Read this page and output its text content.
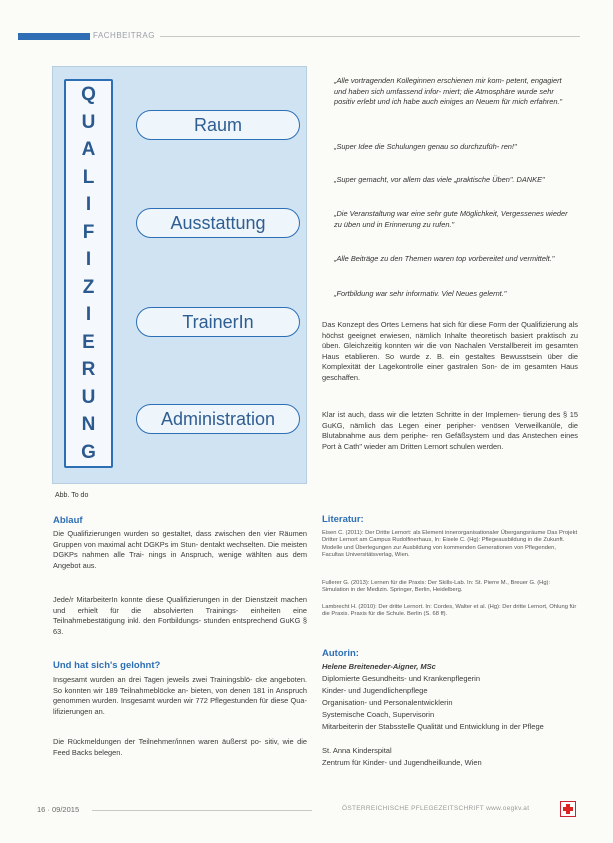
FACHBEITRAG
Q
U
A
L
I
F
I
Z
I
E
R
U
N
G
Raum
Ausstattung
TrainerIn
Administration
Abb. To do
„Alle vortragenden Kolleginnen erschienen mir kom- petent, engagiert und haben sich umfassend infor- miert; die Atmosphäre wurde sehr positiv erlebt und ich habe auch einiges an Neuem für mich erfahren."
„Super Idee die Schulungen genau so durchzufüh- ren!"
„Super gemacht, vor allem das viele „praktische Üben". DANKE"
„Die Veranstaltung war eine sehr gute Möglichkeit, Vergessenes wieder zu üben und in Erinnerung zu rufen."
„Alle Beiträge zu den Themen waren top vorbereitet und vermittelt."
„Fortbildung war sehr informativ. Viel Neues gelernt."
Das Konzept des Ortes Lernens hat sich für diese Form der Qualifizierung als höchst geeignet erwiesen, nämlich Inhalte theoretisch basiert praktisch zu üben. Gleichzeitig konnten wir die von Nachalen Verstallbereit im gesamten Haus etablieren. So wurde z. B. ein gestaltes Bewusstsein über die Komplexität der Lagekontrolle einer gastralen Son- de im gesamten Haus geschaffen.
Klar ist auch, dass wir die letzten Schritte in der Implemen- tierung des § 15 GuKG, nämlich das Legen einer peripher- venösen Verweilkanüle, die Blutabnahme aus dem periphe- ren Gefäßsystem und das Anstechen eines Port à Cath" wieder am Dritten Lernort schulen werden.
Ablauf
Die Qualifizierungen wurden so gestaltet, dass zwischen den vier Räumen Gruppen von maximal acht DGKPs im Stun- dentakt wechselten. Die meisten DGKPs nahmen alle Trai- nings in Anspruch, wenige wählten aus dem Angebot aus.
Jede/r MitarbeiterIn konnte diese Qualifizierungen in der Dienstzeit machen und erhielt für die absolvierten Trainings- einheiten eine Teilnahmebestätigung inkl. den Fortbildungs- stunden entsprechend GuKG § 63.
Und hat sich's gelohnt?
Insgesamt wurden an drei Tagen jeweils zwei Trainingsblö- cke angeboten. So konnten wir 189 Teilnahmeblöcke an- bieten, von denen 181 in Anspruch genommen wurden. Insgesamt wurden wir 772 Pflegestunden für diese Qua- lifizierungen an.
Die Rückmeldungen der Teilnehmer/innen waren äußerst po- sitiv, wie die Feed Backs belegen.
Literatur:
Eisen C. (2011): Der Dritte Lernort: als Element innerorganisationaler Übergangsräume Das Projekt Dritter Lernort am Campus Rudolfinerhaus, In: Eisele C. (Hg): Pflegeausbildung in die Zukunft. Modelle und Überlegungen zur Ausbildung von kommenden Generationen von Pflegenden, Facultas Universitätsverlag, Wien.
Fullerer G. (2013): Lernen für die Praxis: Der Skills-Lab. In: St. Pierre M., Breuer G. (Hg): Simulation in der Medizin. Springer, Berlin, Heidelberg.
Lambrecht H. (2010): Der dritte Lernort. In: Cordes, Walter et al. (Hg): Der dritte Lernort, Ohlung für die Praxis. Praxis für die Schule. Berlin (S. 68 ff).
Autorin:
Helene Breiteneder-Aigner, MSc
Diplomierte Gesundheits- und Krankenpflegerin
Kinder- und Jugendlichenpflege
Organisation- und Personalentwicklerin
Systemische Coach, Supervisorin
Mitarbeiterin der Stabsstelle Qualität und Entwicklung in der Pflege
St. Anna Kinderspital
Zentrum für Kinder- und Jugendheilkunde, Wien
16 · 09/2015	ÖSTERREICHISCHE PFLEGEZEITSCHRIFT www.oegkv.at
